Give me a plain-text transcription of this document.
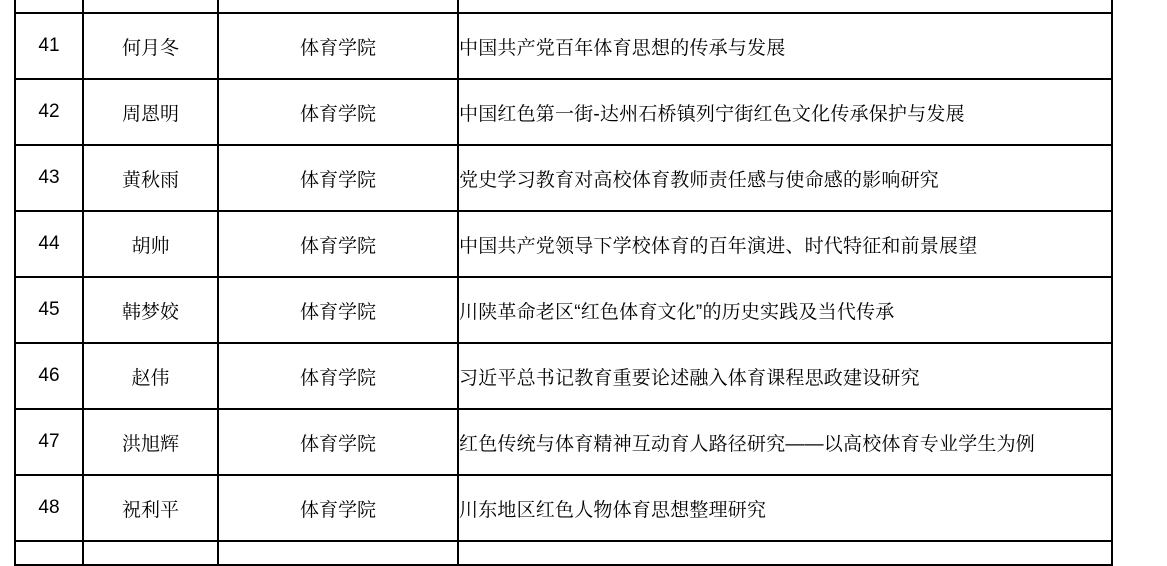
41	何月冬	体育学院	中国共产党百年体育思想的传承与发展
42	周恩明	体育学院	中国红色第一街-达州石桥镇列宁街红色文化传承保护与发展
43	黄秋雨	体育学院	党史学习教育对高校体育教师责任感与使命感的影响研究
44	胡帅	体育学院	中国共产党领导下学校体育的百年演进、时代特征和前景展望
45	韩梦姣	体育学院	川陕革命老区“红色体育文化”的历史实践及当代传承
46	赵伟	体育学院	习近平总书记教育重要论述融入体育课程思政建设研究
47	洪旭辉	体育学院	红色传统与体育精神互动育人路径研究——以高校体育专业学生为例
48	祝利平	体育学院	川东地区红色人物体育思想整理研究
